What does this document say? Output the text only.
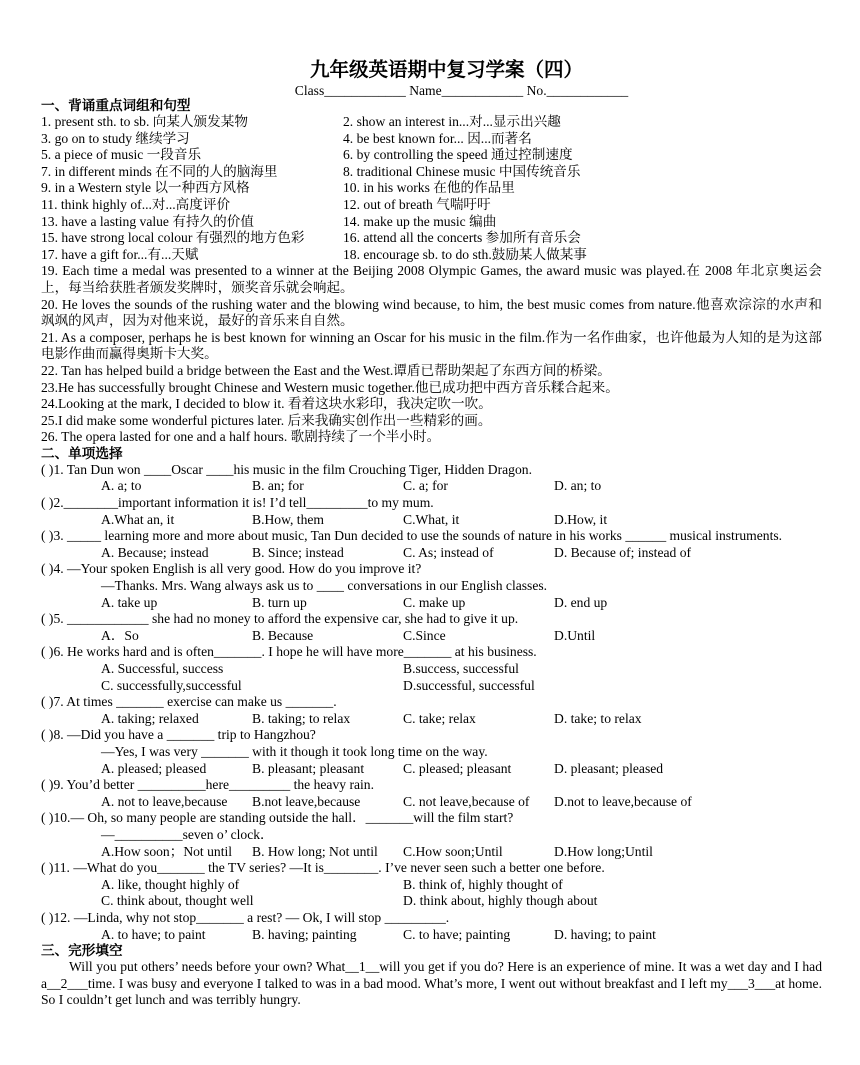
九年级英语期中复习学案（四）
Class____________ Name____________ No.____________
一、背诵重点词组和句型
1. present sth. to sb. 向某人颁发某物	2. show an interest in...对...显示出兴趣
3. go on to study 继续学习	4. be best known for... 因...而著名
5. a piece of music 一段音乐	6. by controlling the speed 通过控制速度
7. in different minds 在不同的人的脑海里	8. traditional Chinese music 中国传统音乐
9. in a Western style 以一种西方风格	10. in his works 在他的作品里
11. think highly of...对...高度评价	12. out of breath 气喘吁吁
13. have a lasting value 有持久的价值	14. make up the music 编曲
15. have strong local colour 有强烈的地方色彩	16. attend all the concerts 参加所有音乐会
17. have a gift for...有...天赋	18. encourage sb. to do sth.鼓励某人做某事
19. Each time a medal was presented to a winner at the Beijing 2008 Olympic Games, the award music was played.在 2008 年北京奥运会上，每当给获胜者颁发奖牌时，颁奖音乐就会响起。
20. He loves the sounds of the rushing water and the blowing wind because, to him, the best music comes from nature.他喜欢淙淙的水声和飒飒的风声，因为对他来说，最好的音乐来自自然。
21. As a composer, perhaps he is best known for winning an Oscar for his music in the film.作为一名作曲家，也许他最为人知的是为这部电影作曲而赢得奥斯卡大奖。
22. Tan has helped build a bridge between the East and the West.谭盾已帮助架起了东西方间的桥梁。
23.He has successfully brought Chinese and Western music together.他已成功把中西方音乐糅合起来。
24.Looking at the mark, I decided to blow it. 看着这块水彩印，我决定吹一吹。
25.I did make some wonderful pictures later. 后来我确实创作出一些精彩的画。
26. The opera lasted for one and a half hours. 歌剧持续了一个半小时。
二、单项选择
( )1. Tan Dun won ____Oscar ____his music in the film Crouching Tiger, Hidden Dragon.
A. a; to	B. an; for	C. a; for	D. an; to
( )2.________important information it is! I’d tell_________to my mum.
A.What an, it	B.How, them	C.What, it	D.How, it
( )3. _____ learning more and more about music, Tan Dun decided to use the sounds of nature in his works ______ musical instruments.
A. Because; instead	B. Since; instead	C. As; instead of	D. Because of; instead of
( )4. —Your spoken English is all very good. How do you improve it?
—Thanks. Mrs. Wang always ask us to ____ conversations in our English classes.
A. take up	B. turn up	C. make up	D. end up
( )5. ____________ she had no money to afford the expensive car, she had to give it up.
A．So	B. Because	C.Since	D.Until
( )6. He works hard and is often_______. I hope he will have more_______ at his business.
A. Successful, success	B.success, successful
C. successfully,successful	D.successful, successful
( )7. At times _______ exercise can make us _______.
A. taking; relaxed	B. taking; to relax	C. take; relax	D. take; to relax
( )8. —Did you have a _______ trip to Hangzhou?
—Yes, I was very _______ with it though it took long time on the way.
A. pleased; pleased	B. pleasant; pleasant	C. pleased; pleasant	D. pleasant; pleased
( )9. You’d better __________here_________ the heavy rain.
A. not to leave,because	B.not leave,because	C. not leave,because of	D.not to leave,because of
( )10.— Oh, so many people are standing outside the hall．_______will the film start?
—__________seven o’ clock．
A.How soon；Not until	B. How long; Not until	C.How soon;Until	D.How long;Until
( )11. —What do you_______ the TV series? —It is________. I’ve never seen such a better one before.
A. like, thought highly of	B. think of, highly thought of
C. think about, thought well	D. think about, highly though about
( )12. —Linda, why not stop_______ a rest? — Ok, I will stop _________.
A. to have; to paint	B. having; painting	C. to have; painting	D. having; to paint
三、完形填空
Will you put others’ needs before your own? What__1__will you get if you do? Here is an experience of mine. It was a wet day and I had a__2___time. I was busy and everyone I talked to was in a bad mood. What’s more, I went out without breakfast and I left my___3___at home. So I couldn’t get lunch and was terribly hungry.
